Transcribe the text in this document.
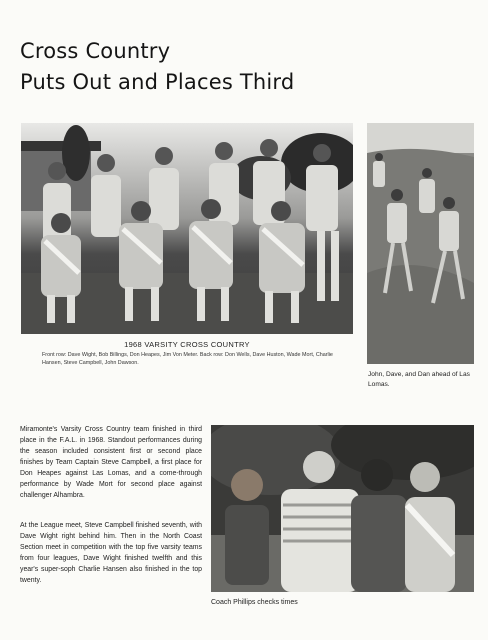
Cross Country
Puts Out and Places Third
1968 VARSITY CROSS COUNTRY
Front row: Dave Wight, Bob Billings, Don Heapes, Jim Von Meter. Back row: Don Wells, Dave Huston, Wade Mort, Charlie Hansen, Steve Campbell, John Dawson.
John, Dave, and Dan ahead of Las Lomas.

Miramonte's Varsity Cross Country team finished in third place in the F.A.L. in 1968. Standout performances during the season included consistent first or second place finishes by Team Captain Steve Campbell, a first place for Don Heapes against Las Lomas, and a come-through performance by Wade Mort for second place against challenger Alhambra.

At the League meet, Steve Campbell finished seventh, with Dave Wight right behind him. Then in the North Coast Section meet in competition with the top five varsity teams from four leagues, Dave Wight finished twelfth and this year's super-soph Charlie Hansen also finished in the top twenty.

Coach Phillips checks times
